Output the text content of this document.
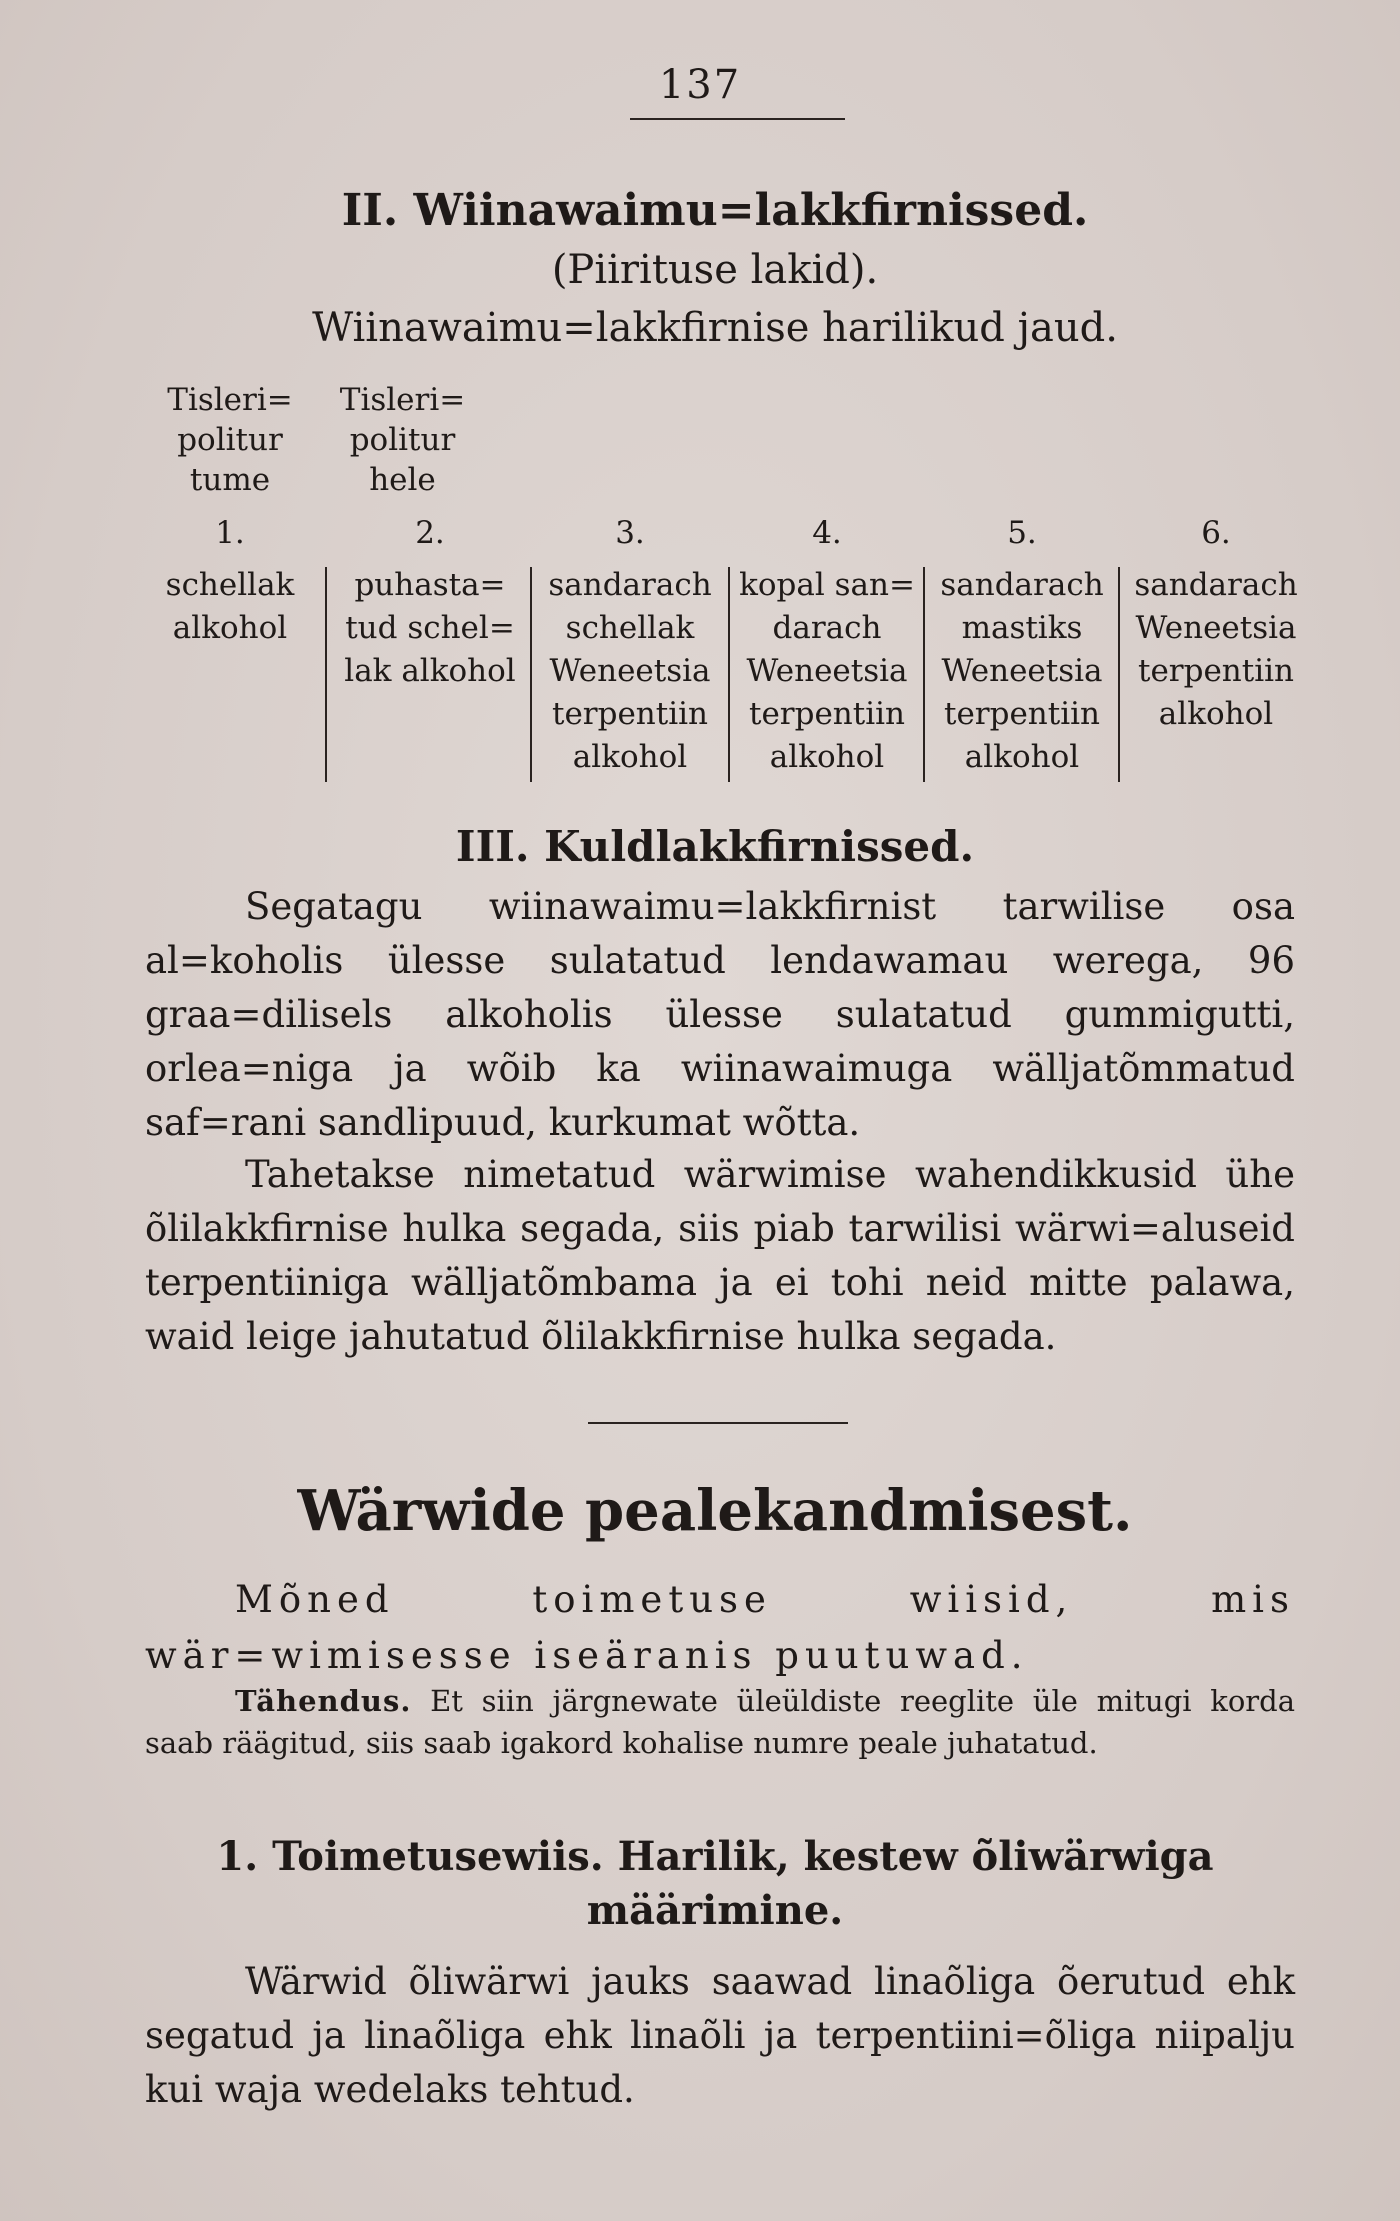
137
II. Wiinawaimu=lakkfirnissed.
(Piirituse lakid).
Wiinawaimu=lakkfirnise harilikud jaud.
Tisleri=
politur
tume
Tisleri=
politur
hele
1.
schellak
alkohol
2.
puhasta=
tud schel=
lak alkohol
3.
sandarach
schellak
Weneetsia
terpentiin
alkohol
4.
kopal san=
darach
Weneetsia
terpentiin
alkohol
5.
sandarach
mastiks
Weneetsia
terpentiin
alkohol
6.
sandarach
Weneetsia
terpentiin
alkohol
III. Kuldlakkfirnissed.
Segatagu wiinawaimu=lakkfirnist tarwilise osa al=koholis ülesse sulatatud lendawamau werega, 96 graa=dilisels alkoholis ülesse sulatatud gummigutti, orlea=niga ja wõib ka wiinawaimuga wälljatõmmatud saf=rani sandlipuud, kurkumat wõtta.
Tahetakse nimetatud wärwimise wahendikkusid ühe õlilakkfirnise hulka segada, siis piab tarwilisi wärwi=aluseid terpentiiniga wälljatõmbama ja ei tohi neid mitte palawa, waid leige jahutatud õlilakkfirnise hulka segada.
Wärwide pealekandmisest.
Mõned toimetuse wiisid, mis wär=wimisesse iseäranis puutuwad.
Tähendus. Et siin järgnewate üleüldiste reeglite üle mitugi korda saab räägitud, siis saab igakord kohalise numre peale juhatatud.
1. Toimetusewiis. Harilik, kestew õliwärwiga määrimine.
Wärwid õliwärwi jauks saawad linaõliga õerutud ehk segatud ja linaõliga ehk linaõli ja terpentiini=õliga niipalju kui waja wedelaks tehtud.
